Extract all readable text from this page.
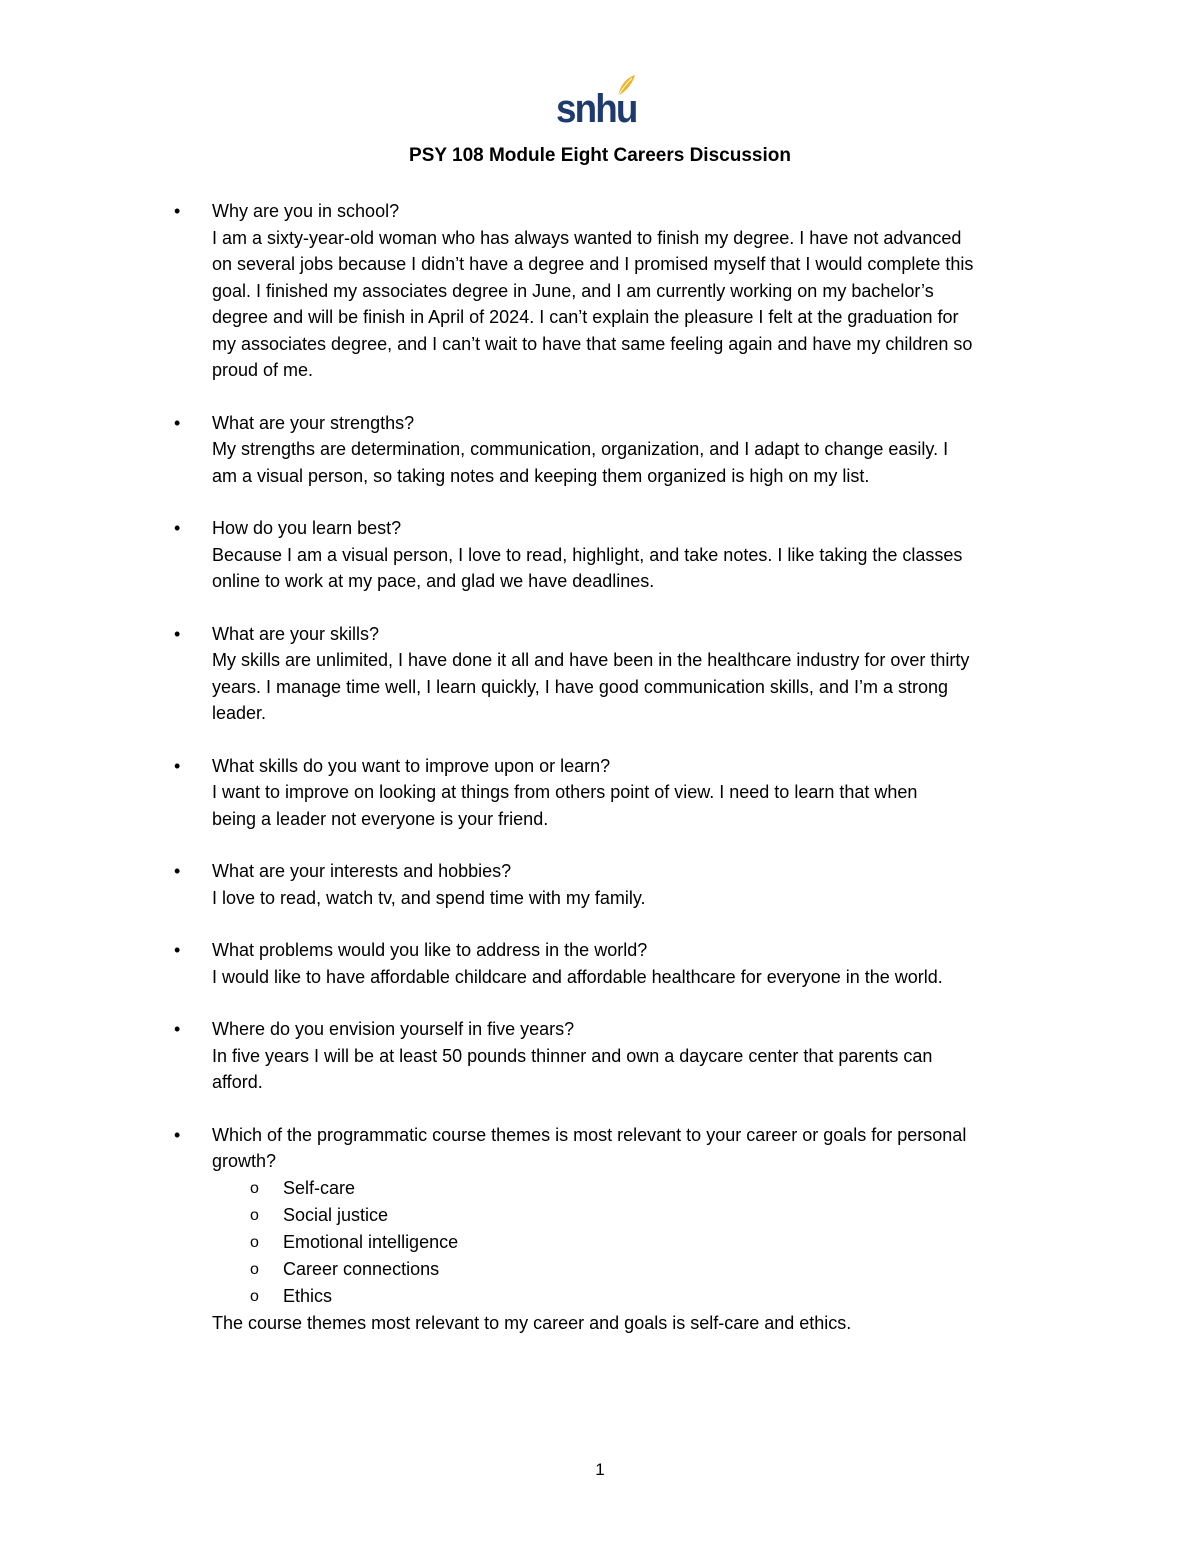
snhu
PSY 108 Module Eight Careers Discussion
• Why are you in school?
I am a sixty-year-old woman who has always wanted to finish my degree. I have not advanced
on several jobs because I didn’t have a degree and I promised myself that I would complete this
goal. I finished my associates degree in June, and I am currently working on my bachelor’s
degree and will be finish in April of 2024. I can’t explain the pleasure I felt at the graduation for
my associates degree, and I can’t wait to have that same feeling again and have my children so
proud of me.
• What are your strengths?
My strengths are determination, communication, organization, and I adapt to change easily. I
am a visual person, so taking notes and keeping them organized is high on my list.
• How do you learn best?
Because I am a visual person, I love to read, highlight, and take notes. I like taking the classes
online to work at my pace, and glad we have deadlines.
• What are your skills?
My skills are unlimited, I have done it all and have been in the healthcare industry for over thirty
years. I manage time well, I learn quickly, I have good communication skills, and I’m a strong
leader.
• What skills do you want to improve upon or learn?
I want to improve on looking at things from others point of view. I need to learn that when
being a leader not everyone is your friend.
• What are your interests and hobbies?
I love to read, watch tv, and spend time with my family.
• What problems would you like to address in the world?
I would like to have affordable childcare and affordable healthcare for everyone in the world.
• Where do you envision yourself in five years?
In five years I will be at least 50 pounds thinner and own a daycare center that parents can
afford.
• Which of the programmatic course themes is most relevant to your career or goals for personal
growth?
o Self-care
o Social justice
o Emotional intelligence
o Career connections
o Ethics
The course themes most relevant to my career and goals is self-care and ethics.
1
